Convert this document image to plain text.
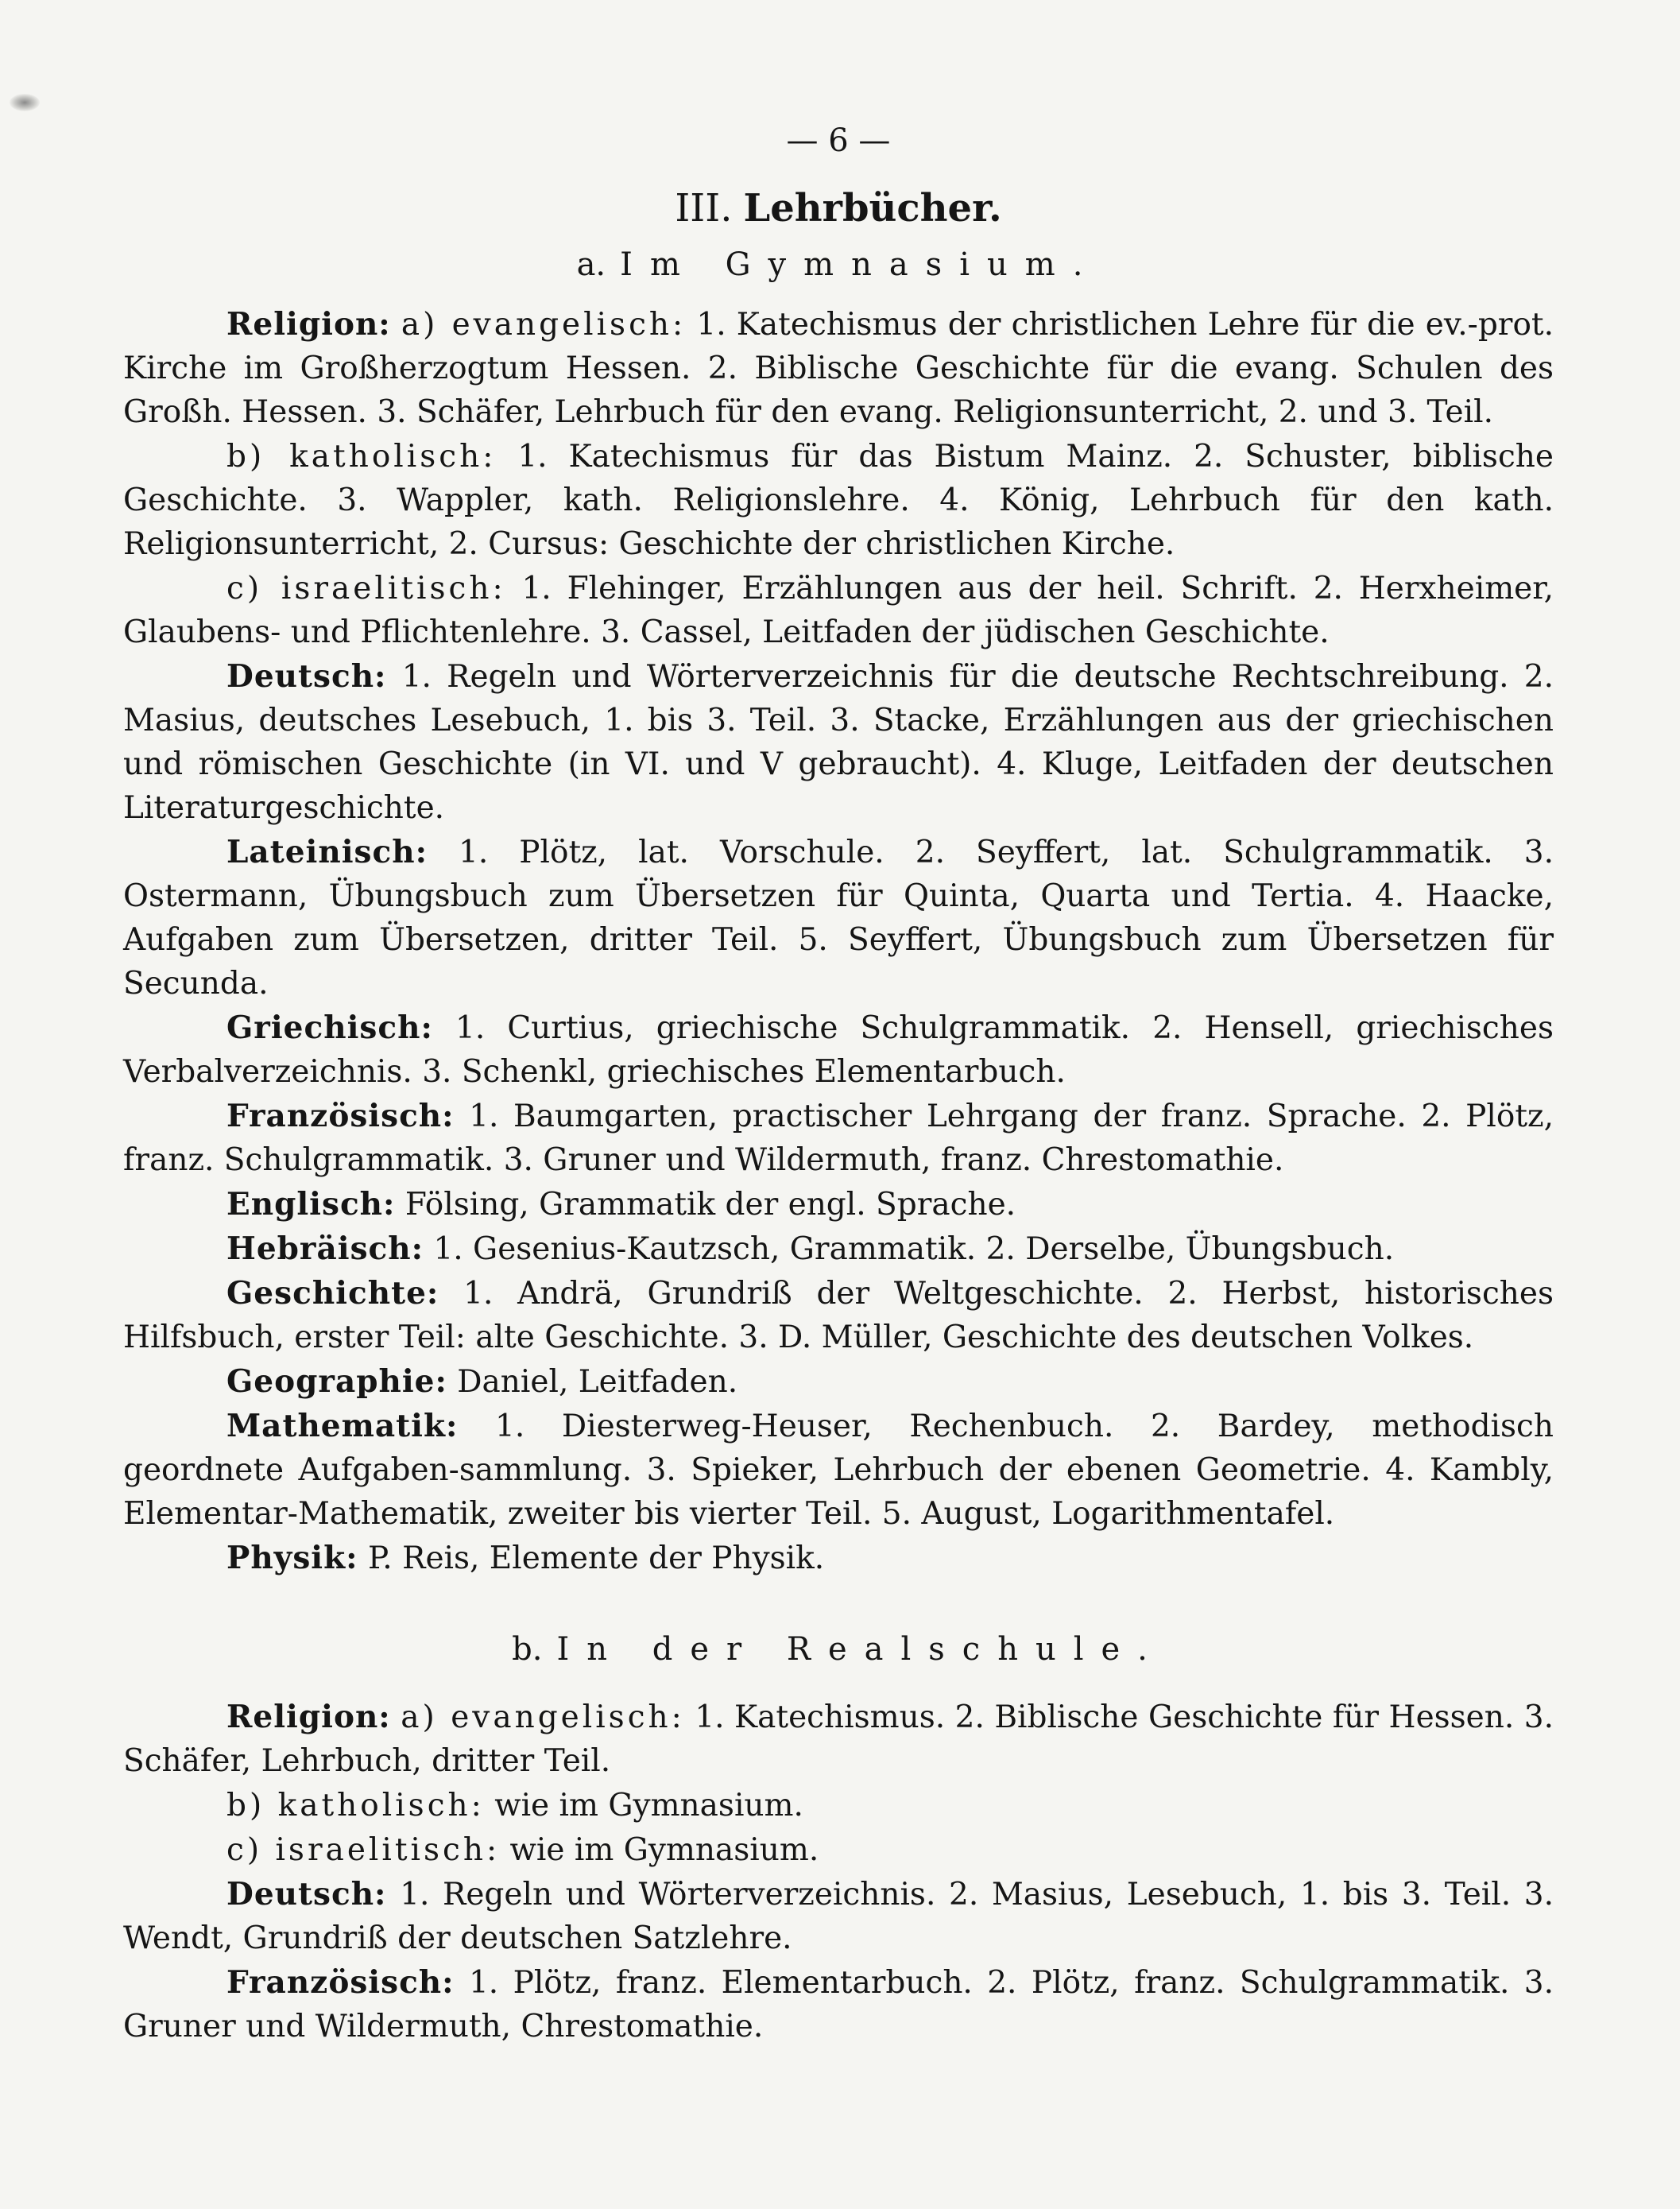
— 6 —
III. Lehrbücher.
a. Im Gymnasium.

Religion: a) evangelisch: 1. Katechismus der christlichen Lehre für die ev.-prot. Kirche im Großherzogtum Hessen. 2. Biblische Geschichte für die evang. Schulen des Großh. Hessen. 3. Schäfer, Lehrbuch für den evang. Religionsunterricht, 2. und 3. Teil.

b) katholisch: 1. Katechismus für das Bistum Mainz. 2. Schuster, biblische Geschichte. 3. Wappler, kath. Religionslehre. 4. König, Lehrbuch für den kath. Religionsunterricht, 2. Cursus: Geschichte der christlichen Kirche.

c) israelitisch: 1. Flehinger, Erzählungen aus der heil. Schrift. 2. Herxheimer, Glaubens- und Pflichtenlehre. 3. Cassel, Leitfaden der jüdischen Geschichte.

Deutsch: 1. Regeln und Wörterverzeichnis für die deutsche Rechtschreibung. 2. Masius, deutsches Lesebuch, 1. bis 3. Teil. 3. Stacke, Erzählungen aus der griechischen und römischen Geschichte (in VI. und V gebraucht). 4. Kluge, Leitfaden der deutschen Literaturgeschichte.

Lateinisch: 1. Plötz, lat. Vorschule. 2. Seyffert, lat. Schulgrammatik. 3. Ostermann, Übungsbuch zum Übersetzen für Quinta, Quarta und Tertia. 4. Haacke, Aufgaben zum Übersetzen, dritter Teil. 5. Seyffert, Übungsbuch zum Übersetzen für Secunda.

Griechisch: 1. Curtius, griechische Schulgrammatik. 2. Hensell, griechisches Verbalverzeichnis. 3. Schenkl, griechisches Elementarbuch.

Französisch: 1. Baumgarten, practischer Lehrgang der franz. Sprache. 2. Plötz, franz. Schulgrammatik. 3. Gruner und Wildermuth, franz. Chrestomathie.

Englisch: Fölsing, Grammatik der engl. Sprache.

Hebräisch: 1. Gesenius-Kautzsch, Grammatik. 2. Derselbe, Übungsbuch.

Geschichte: 1. Andrä, Grundriß der Weltgeschichte. 2. Herbst, historisches Hilfsbuch, erster Teil: alte Geschichte. 3. D. Müller, Geschichte des deutschen Volkes.

Geographie: Daniel, Leitfaden.

Mathematik: 1. Diesterweg-Heuser, Rechenbuch. 2. Bardey, methodisch geordnete Aufgaben-sammlung. 3. Spieker, Lehrbuch der ebenen Geometrie. 4. Kambly, Elementar-Mathematik, zweiter bis vierter Teil. 5. August, Logarithmentafel.

Physik: P. Reis, Elemente der Physik.

b. In der Realschule.

Religion: a) evangelisch: 1. Katechismus. 2. Biblische Geschichte für Hessen. 3. Schäfer, Lehrbuch, dritter Teil.

b) katholisch: wie im Gymnasium.

c) israelitisch: wie im Gymnasium.

Deutsch: 1. Regeln und Wörterverzeichnis. 2. Masius, Lesebuch, 1. bis 3. Teil. 3. Wendt, Grundriß der deutschen Satzlehre.

Französisch: 1. Plötz, franz. Elementarbuch. 2. Plötz, franz. Schulgrammatik. 3. Gruner und Wildermuth, Chrestomathie.
